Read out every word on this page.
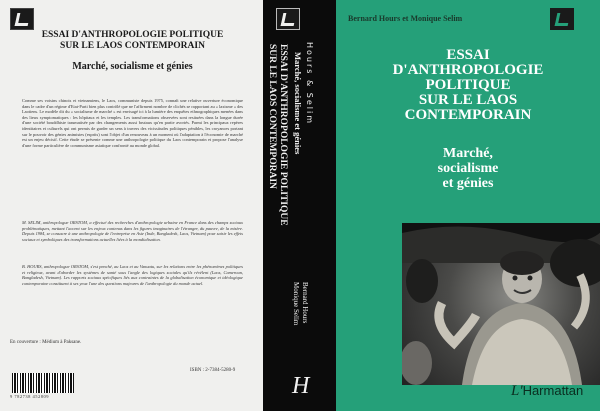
ESSAI D'ANTHROPOLOGIE POLITIQUE
SUR LE LAOS CONTEMPORAIN
Marché, socialisme et génies

Comme ses voisins chinois et vietnamiens, le Laos, communiste depuis 1975, connaît une relative ouverture économique dans le cadre d'un régime d'Etat-Parti bien plus contrôlé que ne l'affirment nombre de clichés se rapportant au « laxisme » des Laotiens. Le modèle dit du « socialisme de marché » est envisagé ici à la lumière des enquêtes ethnographiques menées dans des lieux symptomatiques : les hôpitaux et les temples. Les transformations observées sont resituées dans la longue durée d'une société bouddhiste traumatisée par des changements aussi brutaux qu'en partie avortés. Parmi les principaux repères identitaires et culturels qui ont permis de garder un sens à travers des vicissitudes politiques pénibles, les croyances portant sur le pouvoir des génies animistes (esprits) sont l'objet d'un renouveau à un moment où l'adaptation à l'économie de marché est un enjeu décisif. Cette étude se présente comme une anthropologie politique du Laos contemporain et propose l'analyse d'une forme particulière de communisme asiatique confronté au monde global.

M. SELIM, anthropologue ORSTOM, a effectué des recherches d'anthropologie urbaine en France dans des champs sociaux problématiques, mettant l'accent sur les enjeux contenus dans les figures imaginaires de l'étranger, du pauvre, de la misère. Depuis 1984, se consacre à une anthropologie de l'entreprise en Asie (Inde, Bangladesh, Laos, Vietnam) pour saisir les effets sociaux et symboliques des transformations actuelles liées à la mondialisation.

B. HOURS, anthropologue ORSTOM, s'est penché, au Laos et au Vanuatu, sur les relations entre les phénomènes politiques et religieux, avant d'aborder les systèmes de santé sous l'angle des logiques sociales qu'ils révèlent (Laos, Cameroun, Bangladesh, Vietnam). Les rapports sociaux spécifiques liés aux contraintes de la globalisation économique et idéologique contemporaine constituent à ses yeux l'une des questions majeures de l'anthropologie du monde actuel.

En couverture : Médium à Paksane.
9 782738 452809
ISBN : 2-7384-5280-9
ESSAI D'ANTHROPOLOGIE POLITIQUE
SUR LE LAOS CONTEMPORAIN Marché, socialisme et génies Hours & Selim
Bernard Hours
Monique Selim
H
Bernard Hours et Monique Selim
ESSAI
D'ANTHROPOLOGIE
POLITIQUE
SUR LE LAOS
CONTEMPORAIN
Marché,
socialisme
et génies
L'Harmattan
